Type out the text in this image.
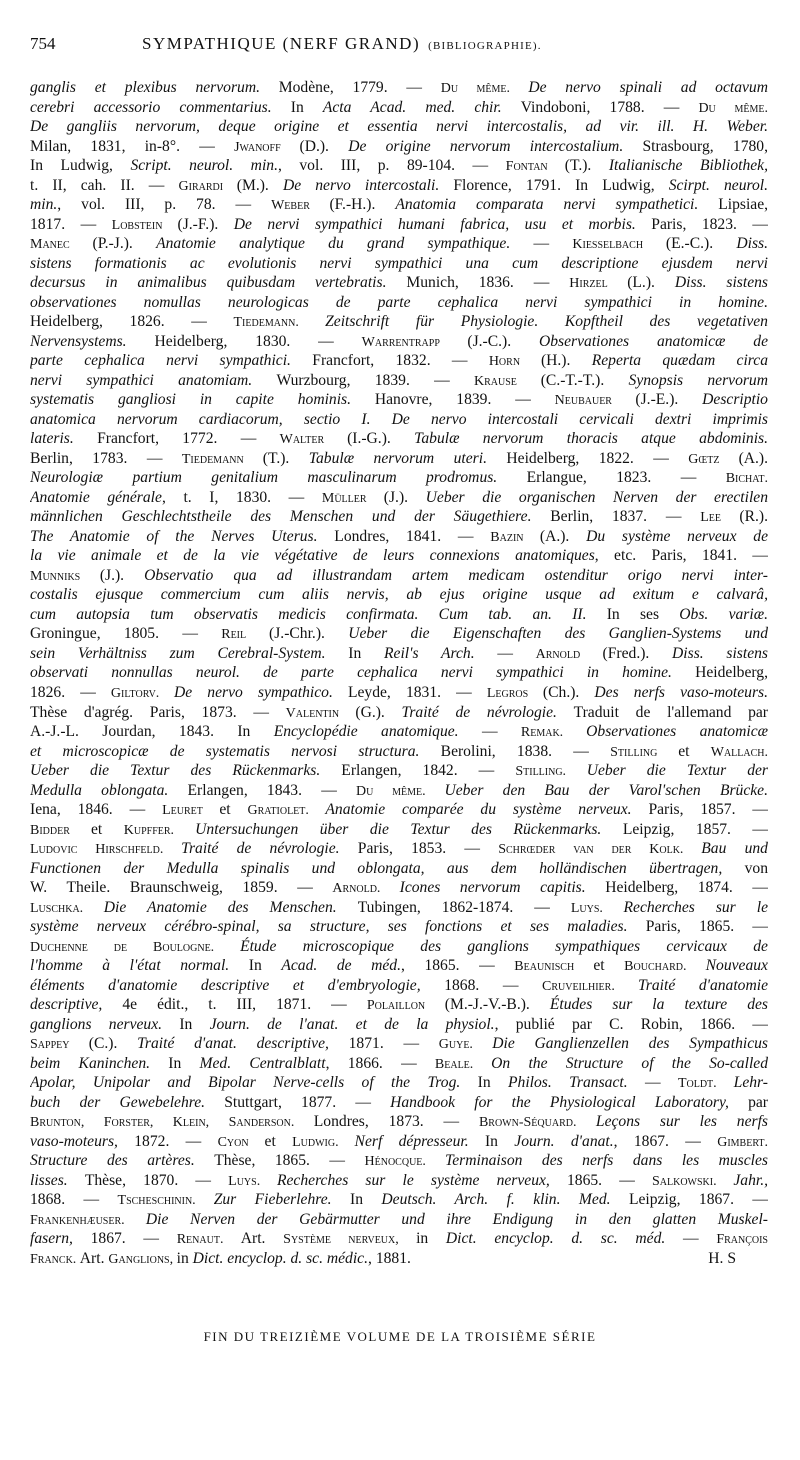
754	SYMPATHIQUE (NERF GRAND) (BIBLIOGRAPHIE).
ganglis et plexibus nervorum. Modène, 1779. — Du même. De nervo spinali ad octavum
cerebri accessorio commentarius. In Acta Acad. med. chir. Vindoboni, 1788. — Du même.
De gangliis nervorum, deque origine et essentia nervi intercostalis, ad vir. ill. H. Weber.
Milan, 1831, in-8°. — Jwanoff (D.). De origine nervorum intercostalium. Strasbourg, 1780,
In Ludwig, Script. neurol. min., vol. III, p. 89-104. — Fontan (T.). Italianische Bibliothek,
t. II, cah. II. — Girardi (M.). De nervo intercostali. Florence, 1791. In Ludwig, Scirpt. neurol.
min., vol. III, p. 78. — Weber (F.-H.). Anatomia comparata nervi sympathetici. Lipsiae,
1817. — Lobstein (J.-F.). De nervi sympathici humani fabrica, usu et morbis. Paris, 1823. —
Manec (P.-J.). Anatomie analytique du grand sympathique. — Kiesselbach (E.-C.). Diss.
sistens formationis ac evolutionis nervi sympathici una cum descriptione ejusdem nervi
decursus in animalibus quibusdam vertebratis. Munich, 1836. — Hirzel (L.). Diss. sistens
observationes nomullas neurologicas de parte cephalica nervi sympathici in homine.
Heidelberg, 1826. — Tiedemann. Zeitschrift für Physiologie. Kopftheil des vegetativen
Nervensystems. Heidelberg, 1830. — Warrentrapp (J.-C.). Observationes anatomicæ de
parte cephalica nervi sympathici. Francfort, 1832. — Horn (H.). Reperta quædam circa
nervi sympathici anatomiam. Wurzbourg, 1839. — Krause (C.-T.-T.). Synopsis nervorum
systematis gangliosi in capite hominis. Hanovre, 1839. — Neubauer (J.-E.). Descriptio
anatomica nervorum cardiacorum, sectio I. De nervo intercostali cervicali dextri imprimis
lateris. Francfort, 1772. — Walter (I.-G.). Tabulæ nervorum thoracis atque abdominis.
Berlin, 1783. — Tiedemann (T.). Tabulæ nervorum uteri. Heidelberg, 1822. — Gœtz (A.).
Neurologiæ partium genitalium masculinarum prodromus. Erlangue, 1823. — Bichat.
Anatomie générale, t. I, 1830. — Müller (J.). Ueber die organischen Nerven der erectilen
männlichen Geschlechtstheile des Menschen und der Säugethiere. Berlin, 1837. — Lee (R.).
The Anatomie of the Nerves Uterus. Londres, 1841. — Bazin (A.). Du système nerveux de
la vie animale et de la vie végétative de leurs connexions anatomiques, etc. Paris, 1841. —
Munniks (J.). Observatio qua ad illustrandam artem medicam ostenditur origo nervi inter-
costalis ejusque commercium cum aliis nervis, ab ejus origine usque ad exitum e calvarâ,
cum autopsia tum observatis medicis confirmata. Cum tab. an. II. In ses Obs. variæ.
Groningue, 1805. — Reil (J.-Chr.). Ueber die Eigenschaften des Ganglien-Systems und
sein Verhältniss zum Cerebral-System. In Reil's Arch. — Arnold (Fred.). Diss. sistens
observati nonnullas neurol. de parte cephalica nervi sympathici in homine. Heidelberg,
1826. — Giltorv. De nervo sympathico. Leyde, 1831. — Legros (Ch.). Des nerfs vaso-moteurs.
Thèse d'agrég. Paris, 1873. — Valentin (G.). Traité de névrologie. Traduit de l'allemand par
A.-J.-L. Jourdan, 1843. In Encyclopédie anatomique. — Remak. Observationes anatomicæ
et microscopicæ de systematis nervosi structura. Berolini, 1838. — Stilling et Wallach.
Ueber die Textur des Rückenmarks. Erlangen, 1842. — Stilling. Ueber die Textur der
Medulla oblongata. Erlangen, 1843. — Du même. Ueber den Bau der Varol'schen Brücke.
Iena, 1846. — Leuret et Gratiolet. Anatomie comparée du système nerveux. Paris, 1857. —
Bidder et Kupffer. Untersuchungen über die Textur des Rückenmarks. Leipzig, 1857. —
Ludovic Hirschfeld. Traité de névrologie. Paris, 1853. — Schrœder van der Kolk. Bau und
Functionen der Medulla spinalis und oblongata, aus dem holländischen übertragen, von
W. Theile. Braunschweig, 1859. — Arnold. Icones nervorum capitis. Heidelberg, 1874. —
Luschka. Die Anatomie des Menschen. Tubingen, 1862-1874. — Luys. Recherches sur le
système nerveux cérébro-spinal, sa structure, ses fonctions et ses maladies. Paris, 1865. —
Duchenne de Boulogne. Étude microscopique des ganglions sympathiques cervicaux de
l'homme à l'état normal. In Acad. de méd., 1865. — Beaunisch et Bouchard. Nouveaux
éléments d'anatomie descriptive et d'embryologie, 1868. — Cruveilhier. Traité d'anatomie
descriptive, 4e édit., t. III, 1871. — Polaillon (M.-J.-V.-B.). Études sur la texture des
ganglions nerveux. In Journ. de l'anat. et de la physiol., publié par C. Robin, 1866. —
Sappey (C.). Traité d'anat. descriptive, 1871. — Guye. Die Ganglienzellen des Sympathicus
beim Kaninchen. In Med. Centralblatt, 1866. — Beale. On the Structure of the So-called
Apolar, Unipolar and Bipolar Nerve-cells of the Trog. In Philos. Transact. — Toldt. Lehr-
buch der Gewebelehre. Stuttgart, 1877. — Handbook for the Physiological Laboratory, par
Brunton, Forster, Klein, Sanderson. Londres, 1873. — Brown-Séquard. Leçons sur les nerfs
vaso-moteurs, 1872. — Cyon et Ludwig. Nerf dépresseur. In Journ. d'anat., 1867. — Gimbert.
Structure des artères. Thèse, 1865. — Hénocque. Terminaison des nerfs dans les muscles
lisses. Thèse, 1870. — Luys. Recherches sur le système nerveux, 1865. — Salkowski. Jahr.,
1868. — Tscheschinin. Zur Fieberlehre. In Deutsch. Arch. f. klin. Med. Leipzig, 1867. —
Frankenhæuser. Die Nerven der Gebärmutter und ihre Endigung in den glatten Muskel-
fasern, 1867. — Renaut. Art. Système nerveux, in Dict. encyclop. d. sc. méd. — François
Franck. Art. Ganglions, in Dict. encyclop. d. sc. médic., 1881.	H. S
FIN DU TREIZIÈME VOLUME DE LA TROISIÈME SÉRIE
